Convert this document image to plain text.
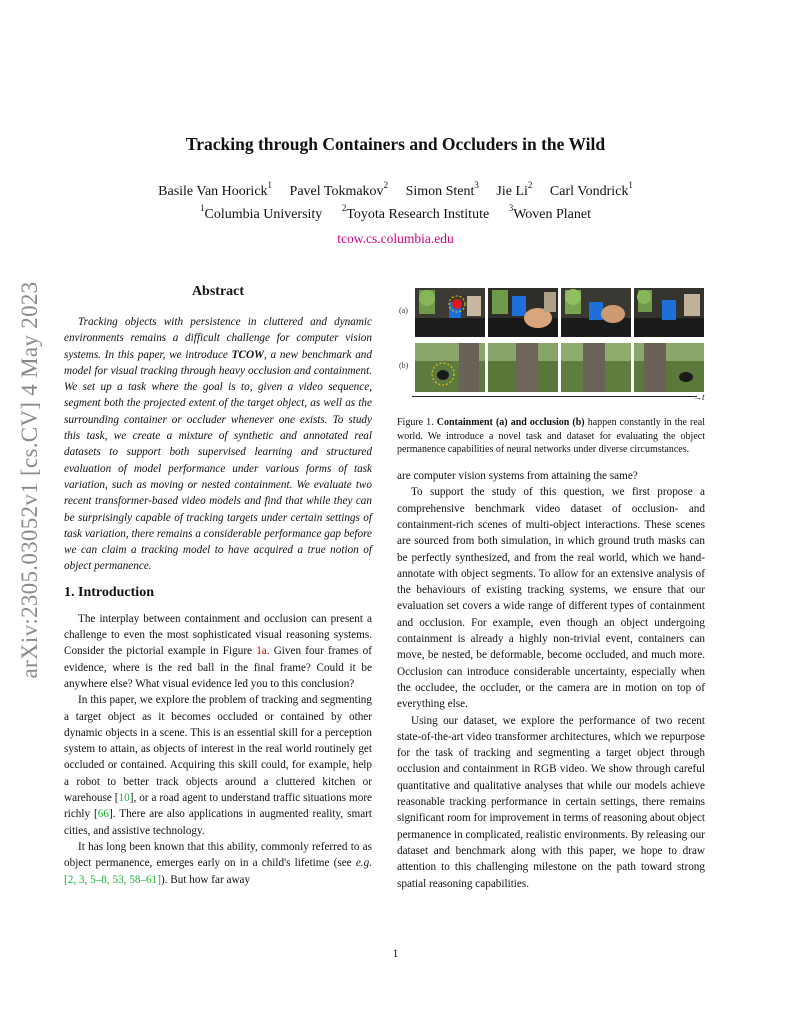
arXiv:2305.03052v1 [cs.CV] 4 May 2023
Tracking through Containers and Occluders in the Wild
Basile Van Hoorick$^1$ Pavel Tokmakov$^2$ Simon Stent$^3$ Jie Li$^2$ Carl Vondrick$^1$
$^1$Columbia University $^2$Toyota Research Institute $^3$Woven Planet
tcow.cs.columbia.edu
Abstract

Tracking objects with persistence in cluttered and dynamic environments remains a difficult challenge for computer vision systems. In this paper, we introduce TCOW, a new benchmark and model for visual tracking through heavy occlusion and containment. We set up a task where the goal is to, given a video sequence, segment both the projected extent of the target object, as well as the surrounding container or occluder whenever one exists. To study this task, we create a mixture of synthetic and annotated real datasets to support both supervised learning and structured evaluation of model performance under various forms of task variation, such as moving or nested containment. We evaluate two recent transformer-based video models and find that while they can be surprisingly capable of tracking targets under certain settings of task variation, there remains a considerable performance gap before we can claim a tracking model to have acquired a true notion of object permanence.

1. Introduction

The interplay between containment and occlusion can present a challenge to even the most sophisticated visual reasoning systems. Consider the pictorial example in Figure 1a. Given four frames of evidence, where is the red ball in the final frame? Could it be anywhere else? What visual evidence led you to this conclusion?

In this paper, we explore the problem of tracking and segmenting a target object as it becomes occluded or contained by other dynamic objects in a scene. This is an essential skill for a perception system to attain, as objects of interest in the real world routinely get occluded or contained. Acquiring this skill could, for example, help a robot to better track objects around a cluttered kitchen or warehouse [10], or a road agent to understand traffic situations more richly [66]. There are also applications in augmented reality, smart cities, and assistive technology.

It has long been known that this ability, commonly referred to as object permanence, emerges early on in a child's lifetime (see e.g. [2, 3, 5–8, 53, 58–61]). But how far away

(a)
(b)
→t

Figure 1. Containment (a) and occlusion (b) happen constantly in the real world. We introduce a novel task and dataset for evaluating the object permanence capabilities of neural networks under diverse circumstances.

are computer vision systems from attaining the same?

To support the study of this question, we first propose a comprehensive benchmark video dataset of occlusion- and containment-rich scenes of multi-object interactions. These scenes are sourced from both simulation, in which ground truth masks can be perfectly synthesized, and from the real world, which we hand-annotate with object segments. To allow for an extensive analysis of the behaviours of existing tracking systems, we ensure that our evaluation set covers a wide range of different types of containment and occlusion. For example, even though an object undergoing containment is already a highly non-trivial event, containers can move, be nested, be deformable, become occluded, and much more. Occlusion can introduce considerable uncertainty, especially when the occludee, the occluder, or the camera are in motion on top of everything else.

Using our dataset, we explore the performance of two recent state-of-the-art video transformer architectures, which we repurpose for the task of tracking and segmenting a target object through occlusion and containment in RGB video. We show through careful quantitative and qualitative analyses that while our models achieve reasonable tracking performance in certain settings, there remains significant room for improvement in terms of reasoning about object permanence in complicated, realistic environments. By releasing our dataset and benchmark along with this paper, we hope to draw attention to this challenging milestone on the path toward strong spatial reasoning capabilities.

1
